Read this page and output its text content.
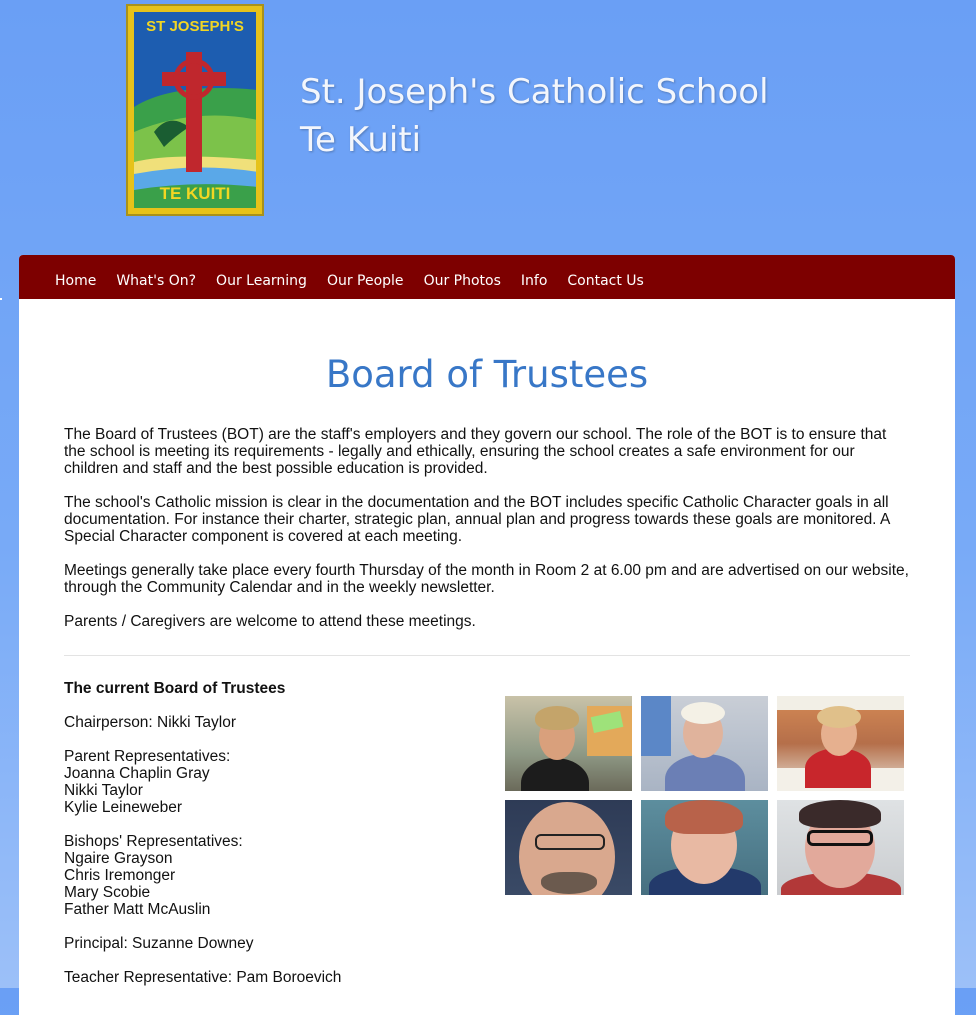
ST JOSEPH'S
TE KUITI
St. Joseph's Catholic School
Te Kuiti
Home What's On? Our Learning Our People Our Photos Info Contact Us
Board of Trustees

The Board of Trustees (BOT) are the staff's employers and they govern our school. The role of the BOT is to ensure that the school is meeting its requirements - legally and ethically, ensuring the school creates a safe environment for our children and staff and the best possible education is provided.

The school's Catholic mission is clear in the documentation and the BOT includes specific Catholic Character goals in all documentation. For instance their charter, strategic plan, annual plan and progress towards these goals are monitored. A Special Character component is covered at each meeting.

Meetings generally take place every fourth Thursday of the month in Room 2 at 6.00 pm and are advertised on our website, through the Community Calendar and in the weekly newsletter.

Parents / Caregivers are welcome to attend these meetings.

The current Board of Trustees
Chairperson: Nikki Taylor
Parent Representatives:
Joanna Chaplin Gray
Nikki Taylor
Kylie Leineweber
Bishops' Representatives:
Ngaire Grayson
Chris Iremonger
Mary Scobie
Father Matt McAuslin
Principal: Suzanne Downey
Teacher Representative: Pam Boroevich
